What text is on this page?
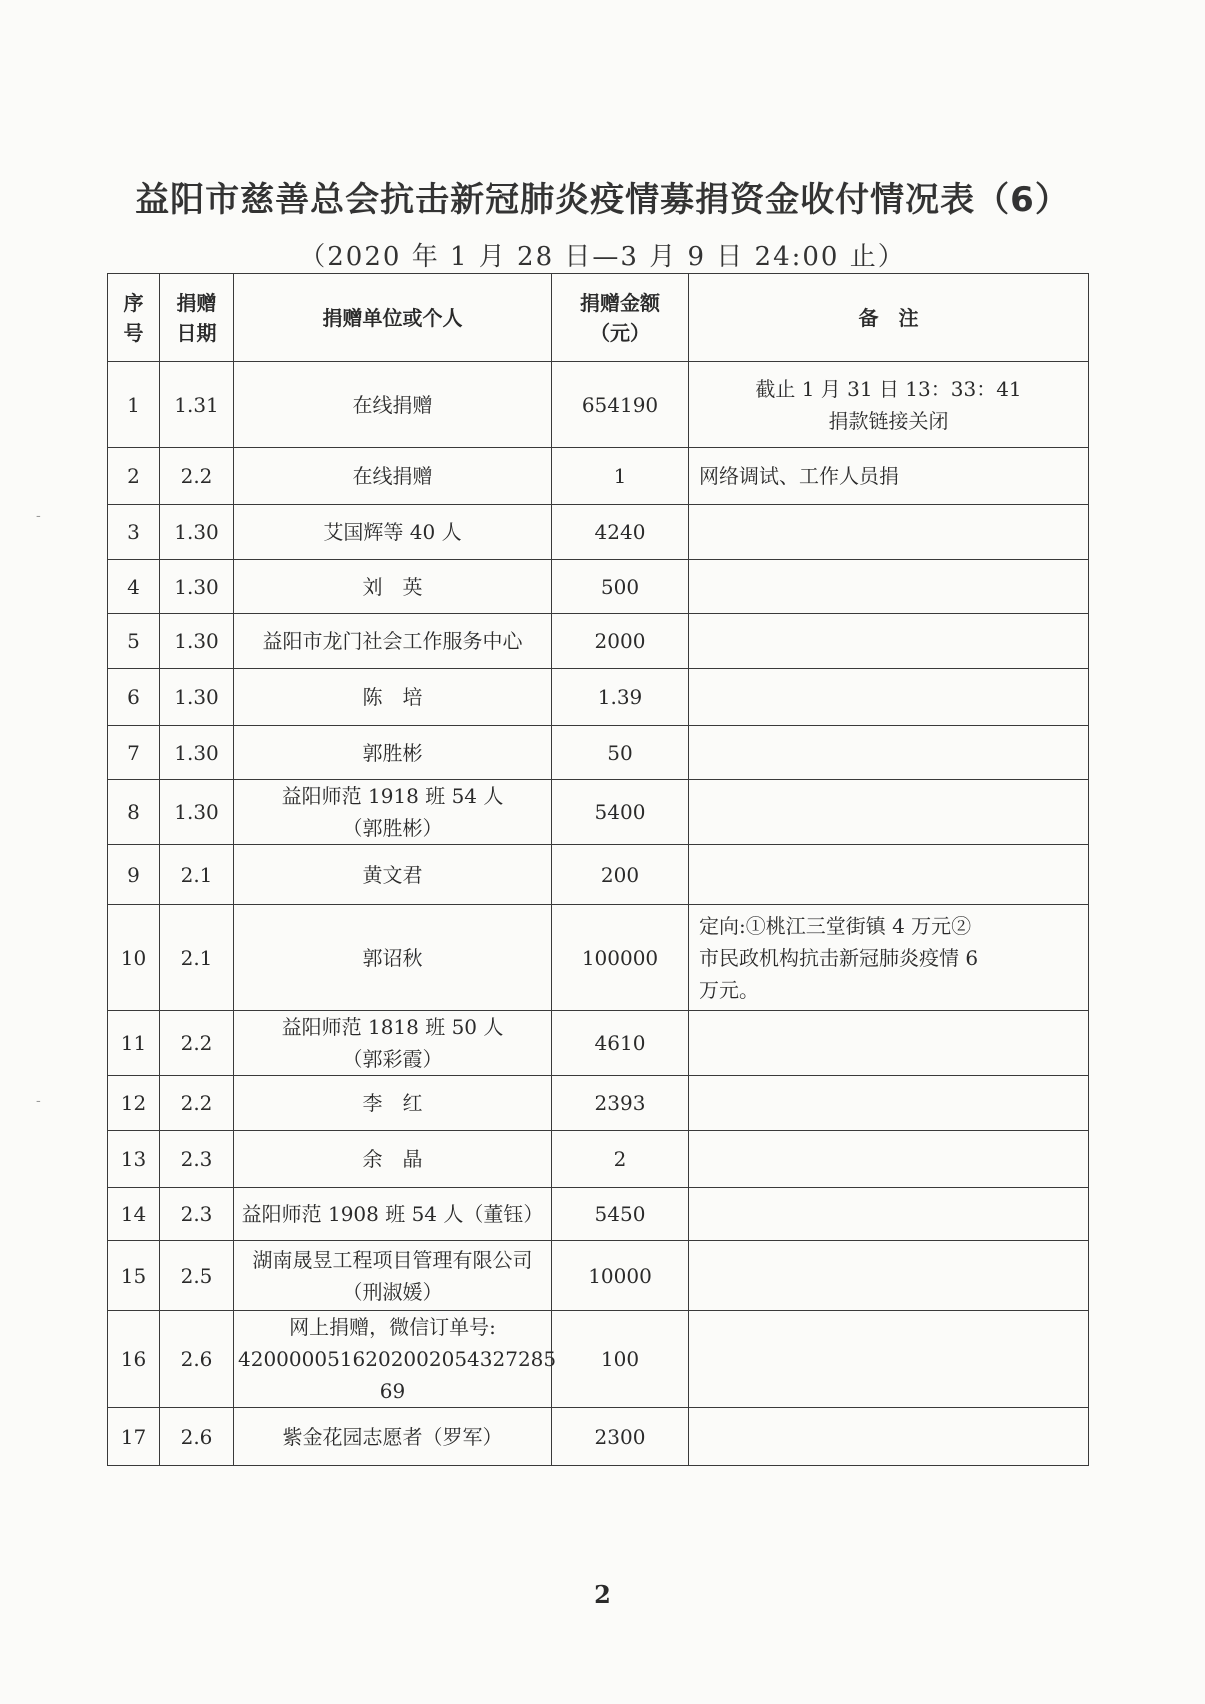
益阳市慈善总会抗击新冠肺炎疫情募捐资金收付情况表（6）
（2020 年 1 月 28 日—3 月 9 日 24:00 止）
序
号	捐赠
日期	捐赠单位或个人	捐赠金额
（元）	备　注
1	1.31	在线捐赠	654190	截止 1 月 31 日 13：33：41
捐款链接关闭
2	2.2	在线捐赠	1	网络调试、工作人员捐
3	1.30	艾国辉等 40 人	4240	
4	1.30	刘　英	500	
5	1.30	益阳市龙门社会工作服务中心	2000	
6	1.30	陈　培	1.39	
7	1.30	郭胜彬	50	
8	1.30	益阳师范 1918 班 54 人
（郭胜彬）	5400	
9	2.1	黄文君	200	
10	2.1	郭诏秋	100000	定向:①桃江三堂街镇 4 万元②
市民政机构抗击新冠肺炎疫情 6
万元。
11	2.2	益阳师范 1818 班 50 人
（郭彩霞）	4610	
12	2.2	李　红	2393	
13	2.3	余　晶	2	
14	2.3	益阳师范 1908 班 54 人（董钰）	5450	
15	2.5	湖南晟昱工程项目管理有限公司
（刑淑媛）	10000	
16	2.6	网上捐赠，微信订单号:
4200000516202002054327285 69	100	
17	2.6	紫金花园志愿者（罗军）	2300	
2
-
-
